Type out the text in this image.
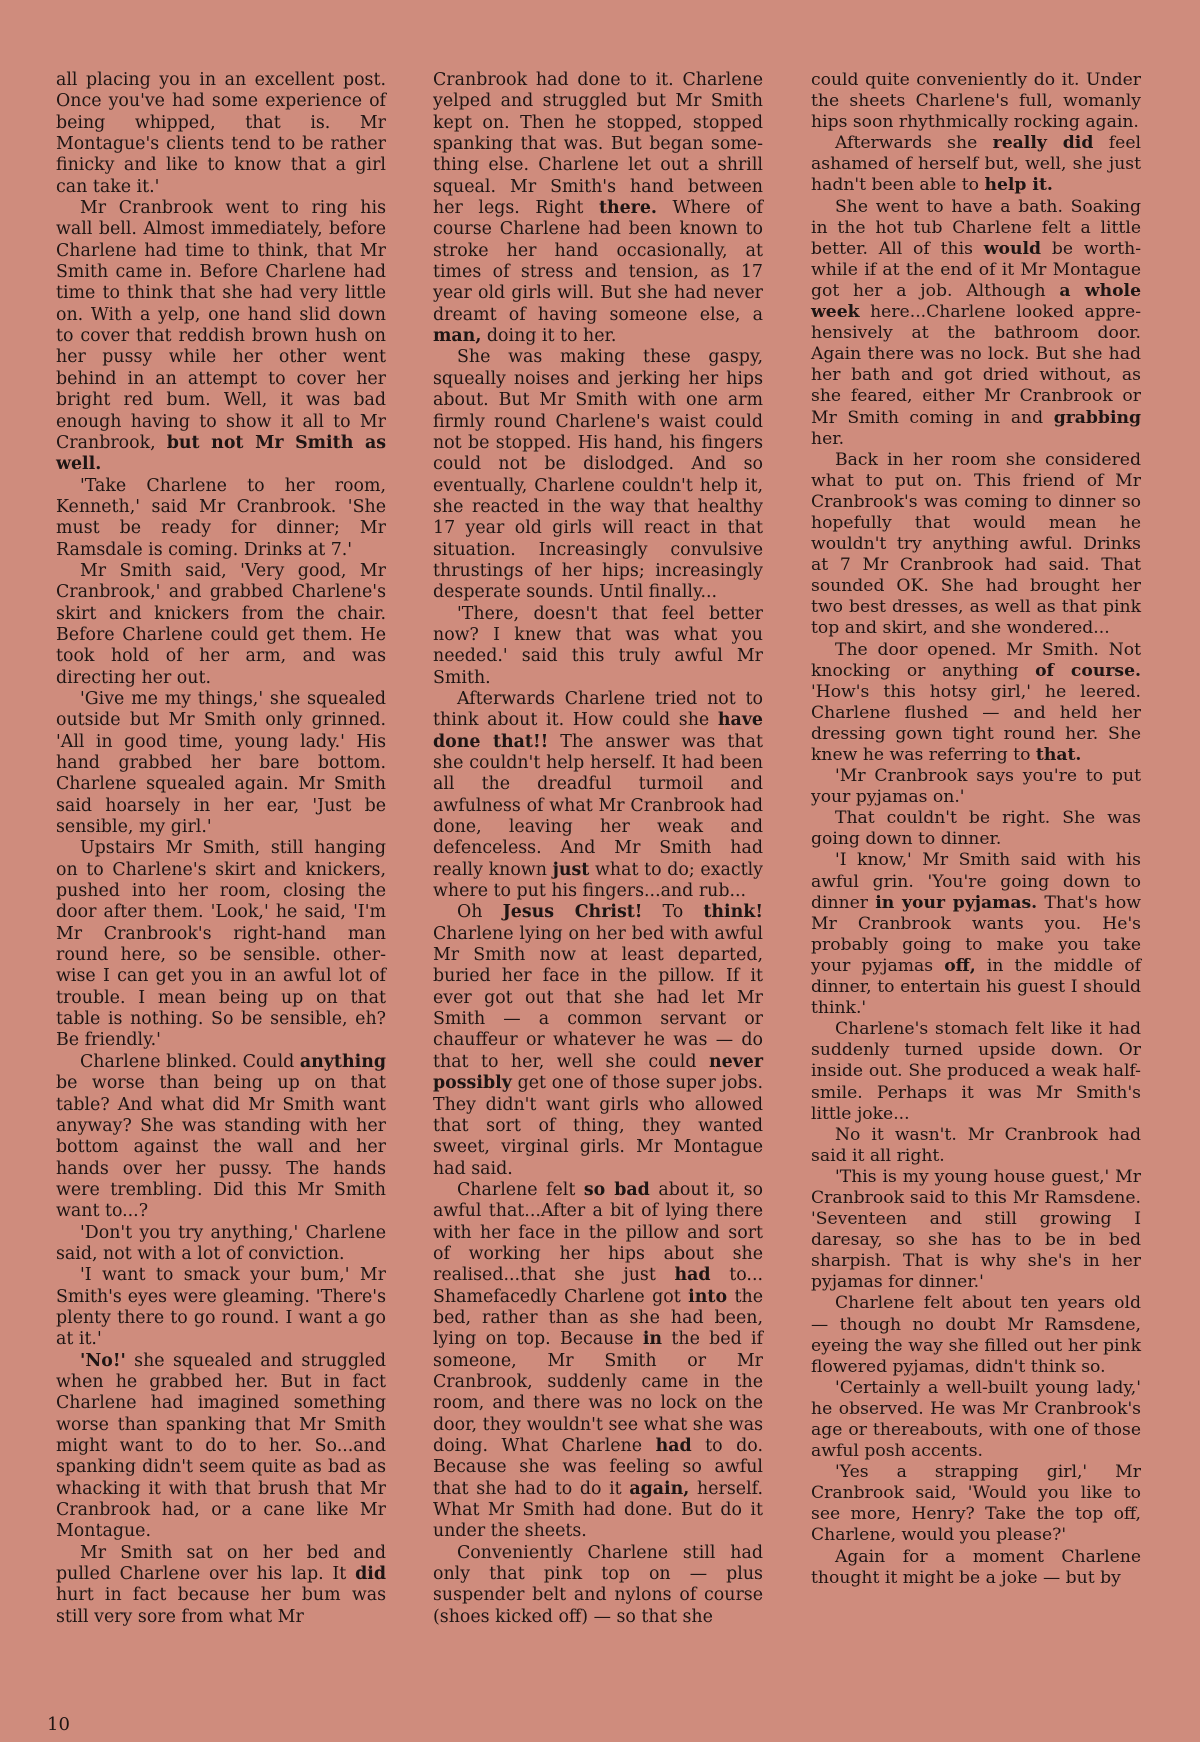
all placing you in an excellent post. Once you've had some experience of being whipped, that is. Mr Montague's clients tend to be rather finicky and like to know that a girl can take it.'

Mr Cranbrook went to ring his wall bell. Almost immediately, before Charlene had time to think, that Mr Smith came in. Before Charlene had time to think that she had very little on. With a yelp, one hand slid down to cover that reddish brown hush on her pussy while her other went behind in an attempt to cover her bright red bum. Well, it was bad enough having to show it all to Mr Cranbrook, but not Mr Smith as well.

'Take Charlene to her room, Kenneth,' said Mr Cranbrook. 'She must be ready for dinner; Mr Ramsdale is coming. Drinks at 7.'

Mr Smith said, 'Very good, Mr Cranbrook,' and grabbed Charlene's skirt and knickers from the chair. Before Charlene could get them. He took hold of her arm, and was directing her out.

'Give me my things,' she squealed outside but Mr Smith only grinned. 'All in good time, young lady.' His hand grabbed her bare bottom. Charlene squealed again. Mr Smith said hoarsely in her ear, 'Just be sensible, my girl.'

Upstairs Mr Smith, still hanging on to Charlene's skirt and knickers, pushed into her room, closing the door after them. 'Look,' he said, 'I'm Mr Cranbrook's right-hand man round here, so be sensible. otherwise I can get you in an awful lot of trouble. I mean being up on that table is nothing. So be sensible, eh? Be friendly.'

Charlene blinked. Could anything be worse than being up on that table? And what did Mr Smith want anyway? She was standing with her bottom against the wall and her hands over her pussy. The hands were trembling. Did this Mr Smith want to...?

'Don't you try anything,' Charlene said, not with a lot of conviction.

'I want to smack your bum,' Mr Smith's eyes were gleaming. 'There's plenty there to go round. I want a go at it.'

'No!' she squealed and struggled when he grabbed her. But in fact Charlene had imagined something worse than spanking that Mr Smith might want to do to her. So...and spanking didn't seem quite as bad as whacking it with that brush that Mr Cranbrook had, or a cane like Mr Montague.

Mr Smith sat on her bed and pulled Charlene over his lap. It did hurt in fact because her bum was still very sore from what Mr

Cranbrook had done to it. Charlene yelped and struggled but Mr Smith kept on. Then he stopped, stopped spanking that was. But began something else. Charlene let out a shrill squeal. Mr Smith's hand between her legs. Right there. Where of course Charlene had been known to stroke her hand occasionally, at times of stress and tension, as 17 year old girls will. But she had never dreamt of having someone else, a man, doing it to her.

She was making these gaspy, squeally noises and jerking her hips about. But Mr Smith with one arm firmly round Charlene's waist could not be stopped. His hand, his fingers could not be dislodged. And so eventually, Charlene couldn't help it, she reacted in the way that healthy 17 year old girls will react in that situation. Increasingly convulsive thrustings of her hips; increasingly desperate sounds. Until finally...

'There, doesn't that feel better now? I knew that was what you needed.' said this truly awful Mr Smith.

Afterwards Charlene tried not to think about it. How could she have done that!! The answer was that she couldn't help herself. It had been all the dreadful turmoil and awfulness of what Mr Cranbrook had done, leaving her weak and defenceless. And Mr Smith had really known just what to do; exactly where to put his fingers...and rub...

Oh Jesus Christ! To think! Charlene lying on her bed with awful Mr Smith now at least departed, buried her face in the pillow. If it ever got out that she had let Mr Smith — a common servant or chauffeur or whatever he was — do that to her, well she could never possibly get one of those super jobs. They didn't want girls who allowed that sort of thing, they wanted sweet, virginal girls. Mr Montague had said.

Charlene felt so bad about it, so awful that...After a bit of lying there with her face in the pillow and sort of working her hips about she realised...that she just had to... Shamefacedly Charlene got into the bed, rather than as she had been, lying on top. Because in the bed if someone, Mr Smith or Mr Cranbrook, suddenly came in the room, and there was no lock on the door, they wouldn't see what she was doing. What Charlene had to do. Because she was feeling so awful that she had to do it again, herself. What Mr Smith had done. But do it under the sheets.

Conveniently Charlene still had only that pink top on — plus suspender belt and nylons of course (shoes kicked off) — so that she

could quite conveniently do it. Under the sheets Charlene's full, womanly hips soon rhythmically rocking again.

Afterwards she really did feel ashamed of herself but, well, she just hadn't been able to help it.

She went to have a bath. Soaking in the hot tub Charlene felt a little better. All of this would be worthwhile if at the end of it Mr Montague got her a job. Although a whole week here...Charlene looked apprehensively at the bathroom door. Again there was no lock. But she had her bath and got dried without, as she feared, either Mr Cranbrook or Mr Smith coming in and grabbing her.

Back in her room she considered what to put on. This friend of Mr Cranbrook's was coming to dinner so hopefully that would mean he wouldn't try anything awful. Drinks at 7 Mr Cranbrook had said. That sounded OK. She had brought her two best dresses, as well as that pink top and skirt, and she wondered...

The door opened. Mr Smith. Not knocking or anything of course. 'How's this hotsy girl,' he leered. Charlene flushed — and held her dressing gown tight round her. She knew he was referring to that.

'Mr Cranbrook says you're to put your pyjamas on.'

That couldn't be right. She was going down to dinner.

'I know,' Mr Smith said with his awful grin. 'You're going down to dinner in your pyjamas. That's how Mr Cranbrook wants you. He's probably going to make you take your pyjamas off, in the middle of dinner, to entertain his guest I should think.'

Charlene's stomach felt like it had suddenly turned upside down. Or inside out. She produced a weak half-smile. Perhaps it was Mr Smith's little joke...

No it wasn't. Mr Cranbrook had said it all right.

'This is my young house guest,' Mr Cranbrook said to this Mr Ramsdene. 'Seventeen and still growing I daresay, so she has to be in bed sharpish. That is why she's in her pyjamas for dinner.'

Charlene felt about ten years old — though no doubt Mr Ramsdene, eyeing the way she filled out her pink flowered pyjamas, didn't think so.

'Certainly a well-built young lady,' he observed. He was Mr Cranbrook's age or thereabouts, with one of those awful posh accents.

'Yes a strapping girl,' Mr Cranbrook said, 'Would you like to see more, Henry? Take the top off, Charlene, would you please?'

Again for a moment Charlene thought it might be a joke — but by

10
